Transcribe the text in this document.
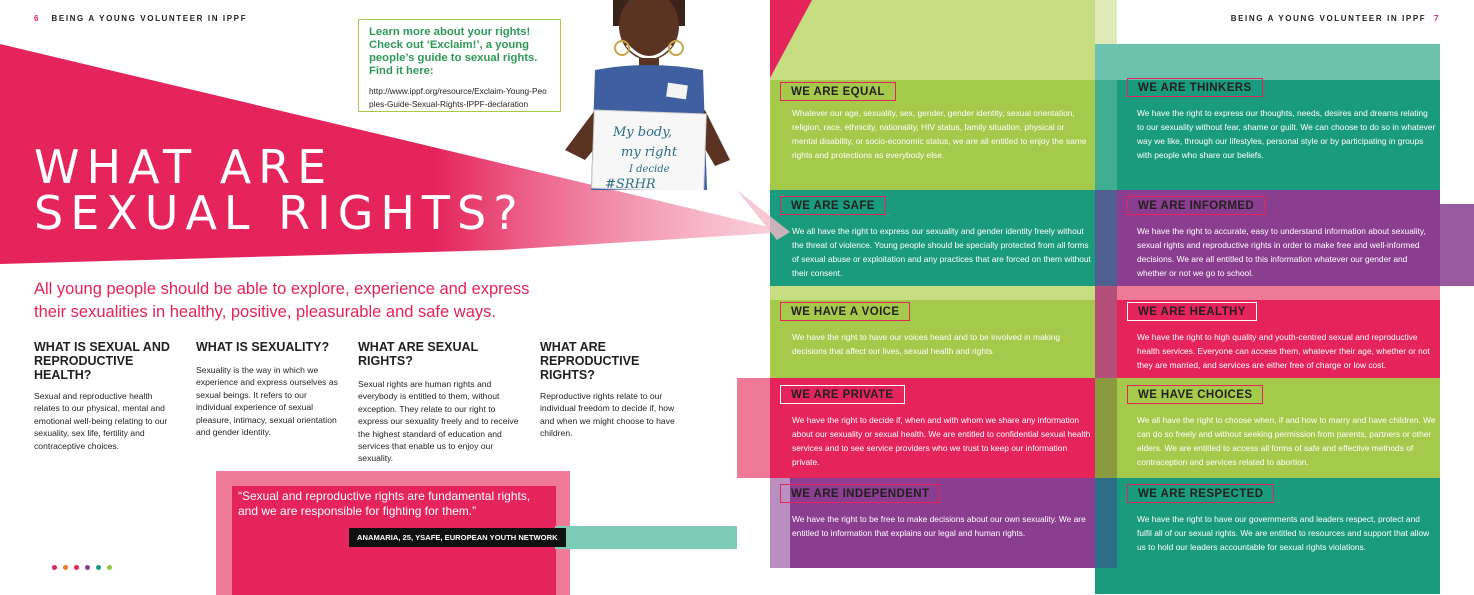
6 BEING A YOUNG VOLUNTEER IN IPPF
My body,
my right
I decide
#SRHR
Learn more about your rights! Check out ‘Exclaim!’, a young people’s guide to sexual rights. Find it here:
http://www.ippf.org/resource/Exclaim-Young-Peoples-Guide-Sexual-Rights-IPPF-declaration
WHAT ARE
SEXUAL RIGHTS?
All young people should be able to explore, experience and express their sexualities in healthy, positive, pleasurable and safe ways.
WHAT IS SEXUAL AND REPRODUCTIVE HEALTH?
Sexual and reproductive health relates to our physical, mental and emotional well-being relating to our sexuality, sex life, fertility and contraceptive choices.
WHAT IS SEXUALITY?
Sexuality is the way in which we experience and express ourselves as sexual beings. It refers to our individual experience of sexual pleasure, intimacy, sexual orientation and gender identity.
WHAT ARE SEXUAL RIGHTS?
Sexual rights are human rights and everybody is entitled to them, without exception. They relate to our right to express our sexuality freely and to receive the highest standard of education and services that enable us to enjoy our sexuality.
WHAT ARE REPRODUCTIVE RIGHTS?
Reproductive rights relate to our individual freedom to decide if, how and when we might choose to have children.
“Sexual and reproductive rights are fundamental rights, and we are responsible for fighting for them.”
ANAMARIA, 25, YSAFE, EUROPEAN YOUTH NETWORK
BEING A YOUNG VOLUNTEER IN IPPF 7
WE ARE EQUAL
Whatever our age, sexuality, sex, gender, gender identity, sexual orientation, religion, race, ethnicity, nationality, HIV status, family situation, physical or mental disability, or socio-economic status, we are all entitled to enjoy the same rights and protections as everybody else.
WE ARE THINKERS
We have the right to express our thoughts, needs, desires and dreams relating to our sexuality without fear, shame or guilt. We can choose to do so in whatever way we like, through our lifestyles, personal style or by participating in groups with people who share our beliefs.
WE ARE SAFE
We all have the right to express our sexuality and gender identity freely without the threat of violence. Young people should be specially protected from all forms of sexual abuse or exploitation and any practices that are forced on them without their consent.
WE ARE INFORMED
We have the right to accurate, easy to understand information about sexuality, sexual rights and reproductive rights in order to make free and well-informed decisions. We are all entitled to this information whatever our gender and whether or not we go to school.
WE HAVE A VOICE
We have the right to have our voices heard and to be involved in making decisions that affect our lives, sexual health and rights.
WE ARE HEALTHY
We have the right to high quality and youth-centred sexual and reproductive health services. Everyone can access them, whatever their age, whether or not they are married, and services are either free of charge or low cost.
WE ARE PRIVATE
We have the right to decide if, when and with whom we share any information about our sexuality or sexual health. We are entitled to confidential sexual health services and to see service providers who we trust to keep our information private.
WE HAVE CHOICES
We all have the right to choose when, if and how to marry and have children. We can do so freely and without seeking permission from parents, partners or other elders. We are entitled to access all forms of safe and effective methods of contraception and services related to abortion.
WE ARE INDEPENDENT
We have the right to be free to make decisions about our own sexuality. We are entitled to information that explains our legal and human rights.
WE ARE RESPECTED
We have the right to have our governments and leaders respect, protect and fulfil all of our sexual rights. We are entitled to resources and support that allow us to hold our leaders accountable for sexual rights violations.
